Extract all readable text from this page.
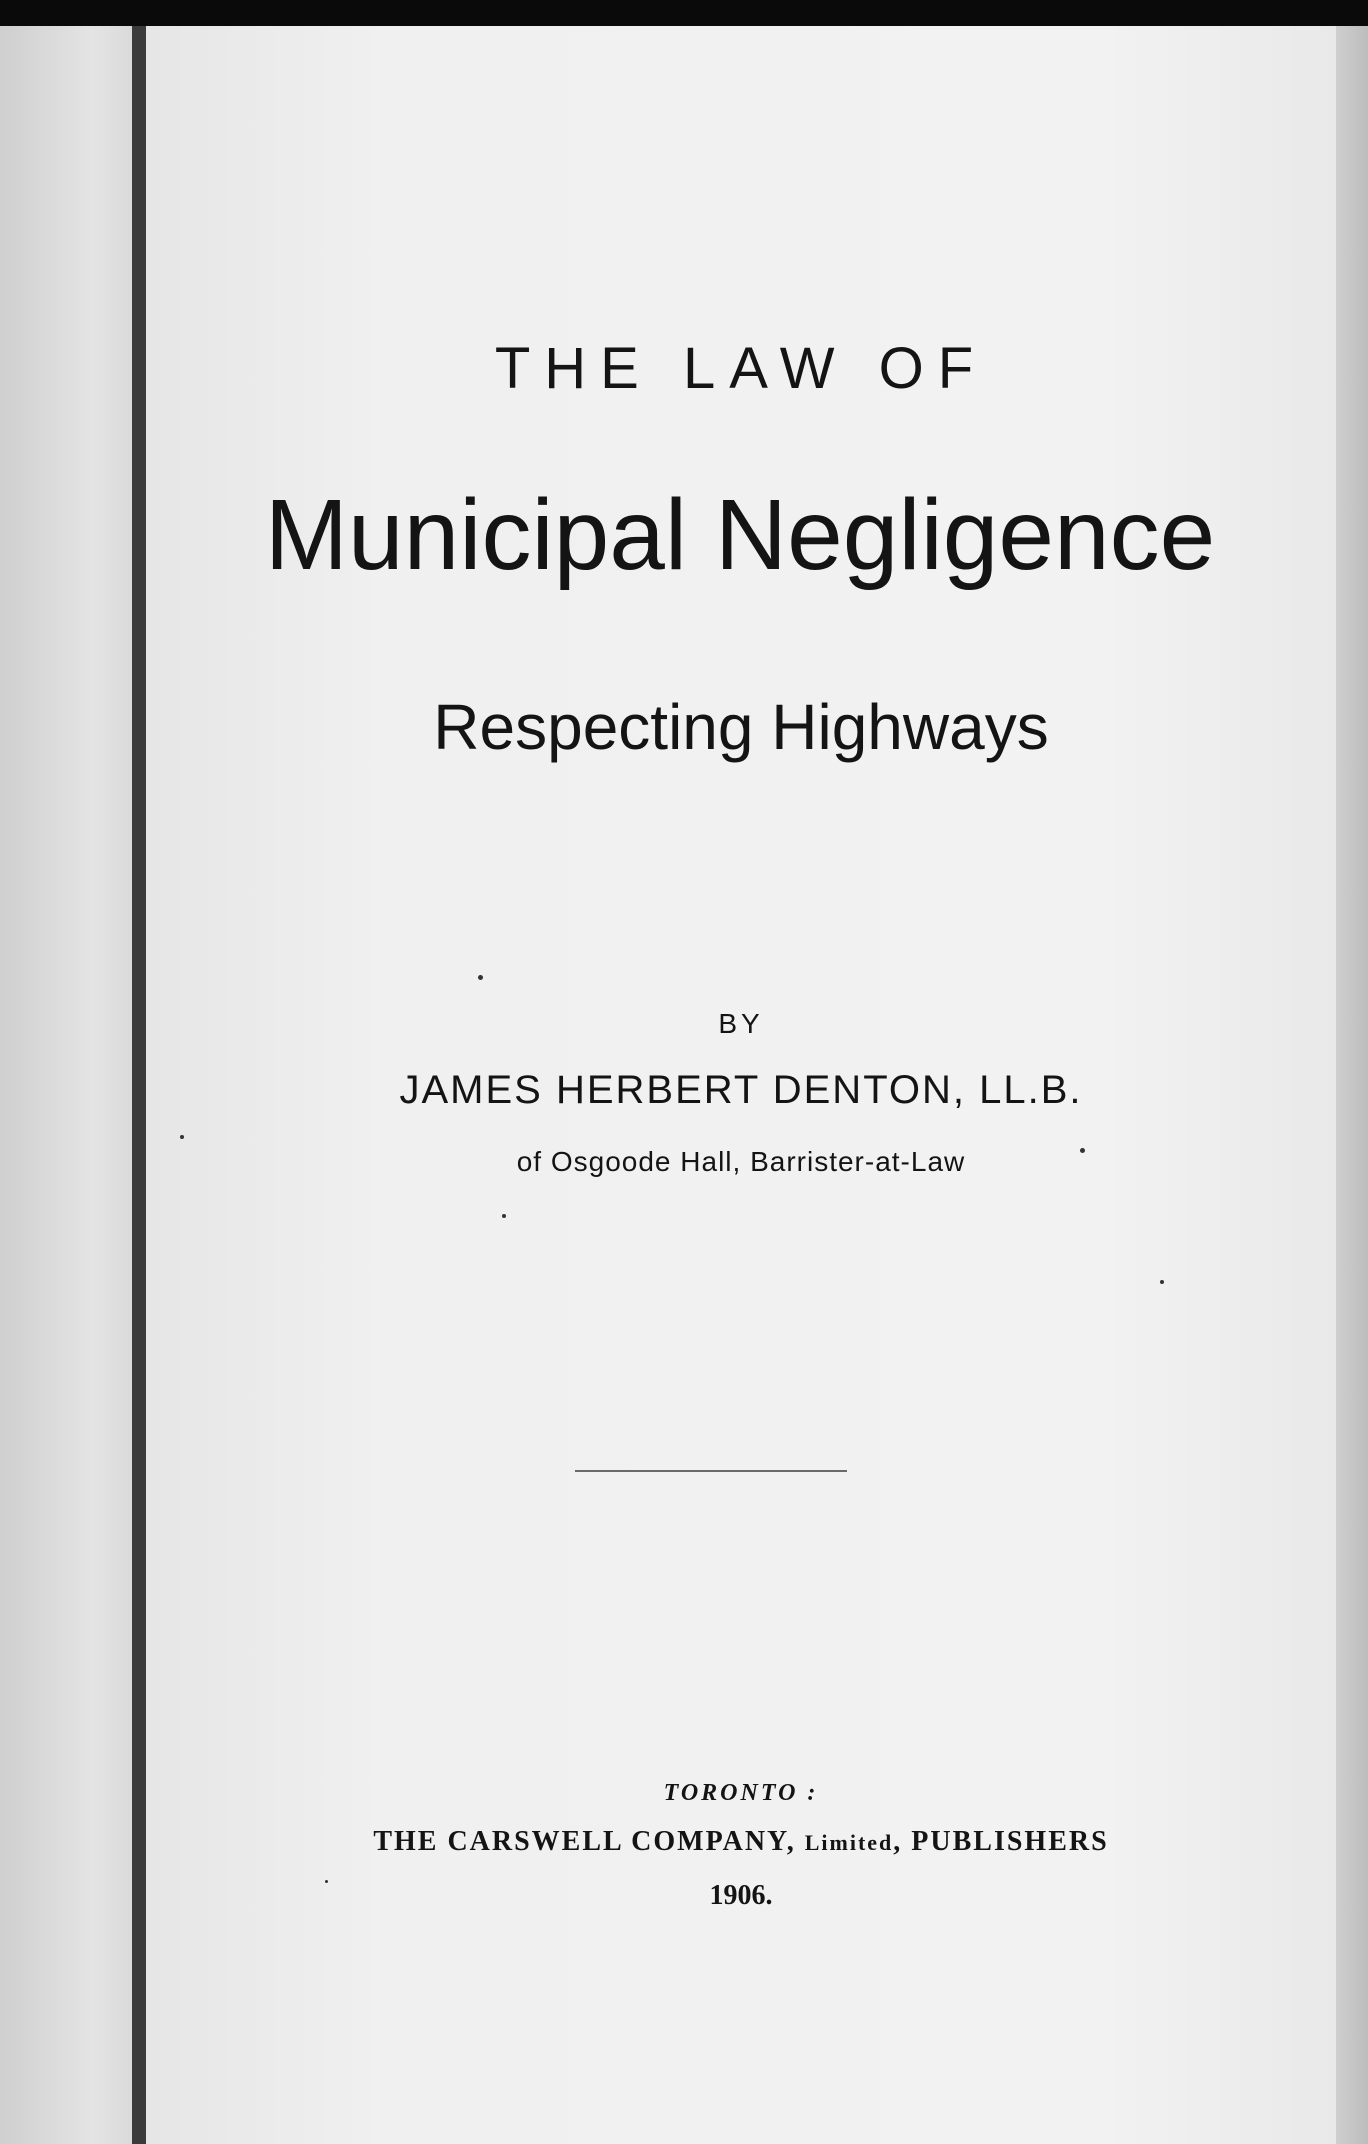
THE LAW OF
Municipal Negligence
Respecting Highways
BY
JAMES HERBERT DENTON, LL.B.
of Osgoode Hall, Barrister-at-Law
TORONTO :
THE CARSWELL COMPANY, Limited, PUBLISHERS
1906.
